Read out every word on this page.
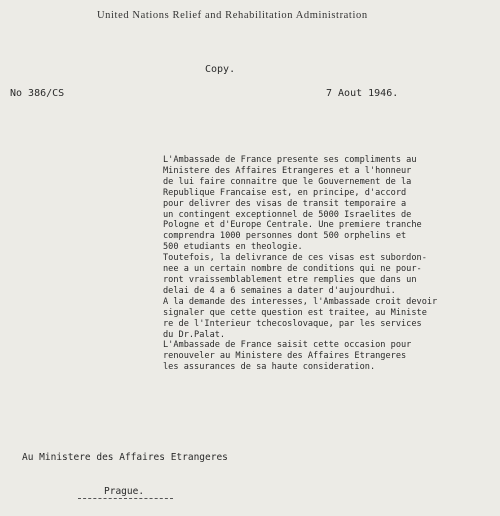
United Nations Relief and Rehabilitation Administration
Copy.
No 386/CS	7 Aout 1946.
L'Ambassade de France presente ses compliments au
Ministere des Affaires Etrangeres et a l'honneur
de lui faire connaitre que le Gouvernement de la
Republique Francaise est, en principe, d'accord
pour delivrer des visas de transit temporaire a
un contingent exceptionnel de 5000 Israelites de
Pologne et d'Europe Centrale. Une premiere tranche
comprendra 1000 personnes dont 500 orphelins et
500 etudiants en theologie.
Toutefois, la delivrance de ces visas est subordon-
nee a un certain nombre de conditions qui ne pour-
ront vraissemblablement etre remplies que dans un
delai de 4 a 6 semaines a dater d'aujourdhui.
A la demande des interesses, l'Ambassade croit devoir
signaler que cette question est traitee, au Ministe
re de l'Interieur tchecoslovaque, par les services
du Dr.Palat.
L'Ambassade de France saisit cette occasion pour
renouveler au Ministere des Affaires Etrangeres
les assurances de sa haute consideration.
Au Ministere des Affaires Etrangeres
Prague.
